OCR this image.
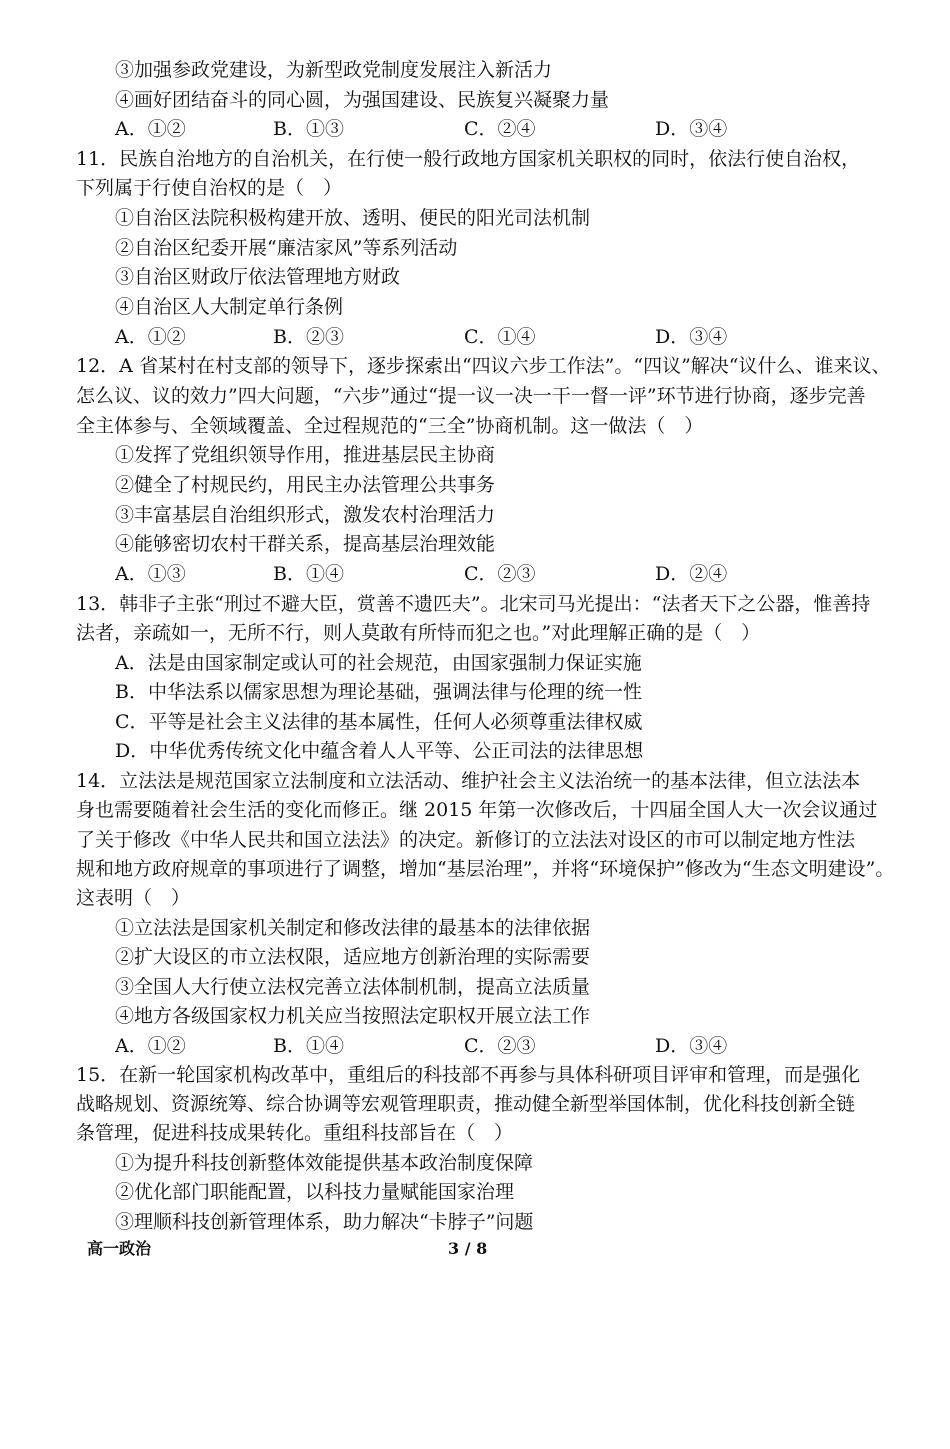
③加强参政党建设，为新型政党制度发展注入新活力
④画好团结奋斗的同心圆，为强国建设、民族复兴凝聚力量
A．①②	B．①③	C．②④	D．③④
11．民族自治地方的自治机关，在行使一般行政地方国家机关职权的同时，依法行使自治权，
下列属于行使自治权的是（　）
①自治区法院积极构建开放、透明、便民的阳光司法机制
②自治区纪委开展“廉洁家风”等系列活动
③自治区财政厅依法管理地方财政
④自治区人大制定单行条例
A．①②	B．②③	C．①④	D．③④
12．A 省某村在村支部的领导下，逐步探索出“四议六步工作法”。“四议”解决“议什么、谁来议、
怎么议、议的效力”四大问题，“六步”通过“提一议一决一干一督一评”环节进行协商，逐步完善
全主体参与、全领域覆盖、全过程规范的“三全”协商机制。这一做法（　）
①发挥了党组织领导作用，推进基层民主协商
②健全了村规民约，用民主办法管理公共事务
③丰富基层自治组织形式，激发农村治理活力
④能够密切农村干群关系，提高基层治理效能
A．①③	B．①④	C．②③	D．②④
13．韩非子主张“刑过不避大臣，赏善不遗匹夫”。北宋司马光提出：“法者天下之公器，惟善持
法者，亲疏如一，无所不行，则人莫敢有所恃而犯之也。”对此理解正确的是（　）
A．法是由国家制定或认可的社会规范，由国家强制力保证实施
B．中华法系以儒家思想为理论基础，强调法律与伦理的统一性
C．平等是社会主义法律的基本属性，任何人必须尊重法律权威
D．中华优秀传统文化中蕴含着人人平等、公正司法的法律思想
14．立法法是规范国家立法制度和立法活动、维护社会主义法治统一的基本法律，但立法法本
身也需要随着社会生活的变化而修正。继 2015 年第一次修改后，十四届全国人大一次会议通过
了关于修改《中华人民共和国立法法》的决定。新修订的立法法对设区的市可以制定地方性法
规和地方政府规章的事项进行了调整，增加“基层治理”，并将“环境保护”修改为“生态文明建设”。
这表明（　）
①立法法是国家机关制定和修改法律的最基本的法律依据
②扩大设区的市立法权限，适应地方创新治理的实际需要
③全国人大行使立法权完善立法体制机制，提高立法质量
④地方各级国家权力机关应当按照法定职权开展立法工作
A．①②	B．①④	C．②③	D．③④
15．在新一轮国家机构改革中，重组后的科技部不再参与具体科研项目评审和管理，而是强化
战略规划、资源统筹、综合协调等宏观管理职责，推动健全新型举国体制，优化科技创新全链
条管理，促进科技成果转化。重组科技部旨在（　）
①为提升科技创新整体效能提供基本政治制度保障
②优化部门职能配置，以科技力量赋能国家治理
③理顺科技创新管理体系，助力解决“卡脖子”问题
高一政治	3 / 8
